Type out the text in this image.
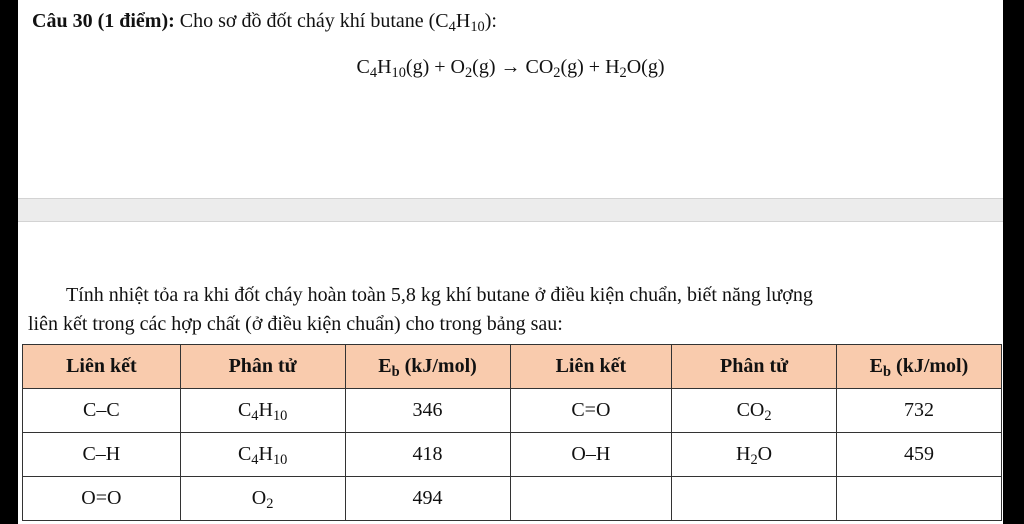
Câu 30 (1 điểm): Cho sơ đồ đốt cháy khí butane $(C_4H_{10})$:
$C_4H_{10}(g) + O_2(g) \to CO_2(g) + H_2O(g)$
Tính nhiệt tỏa ra khi đốt cháy hoàn toàn 5,8 kg khí butane ở điều kiện chuẩn, biết năng lượng
liên kết trong các hợp chất (ở điều kiện chuẩn) cho trong bảng sau:
Liên kết	Phân tử	$E_b$ (kJ/mol)	Liên kết	Phân tử	$E_b$ (kJ/mol)
C–C	$C_4H_{10}$	346	C=O	$CO_2$	732
C–H	$C_4H_{10}$	418	O–H	$H_2O$	459
O=O	$O_2$	494			
